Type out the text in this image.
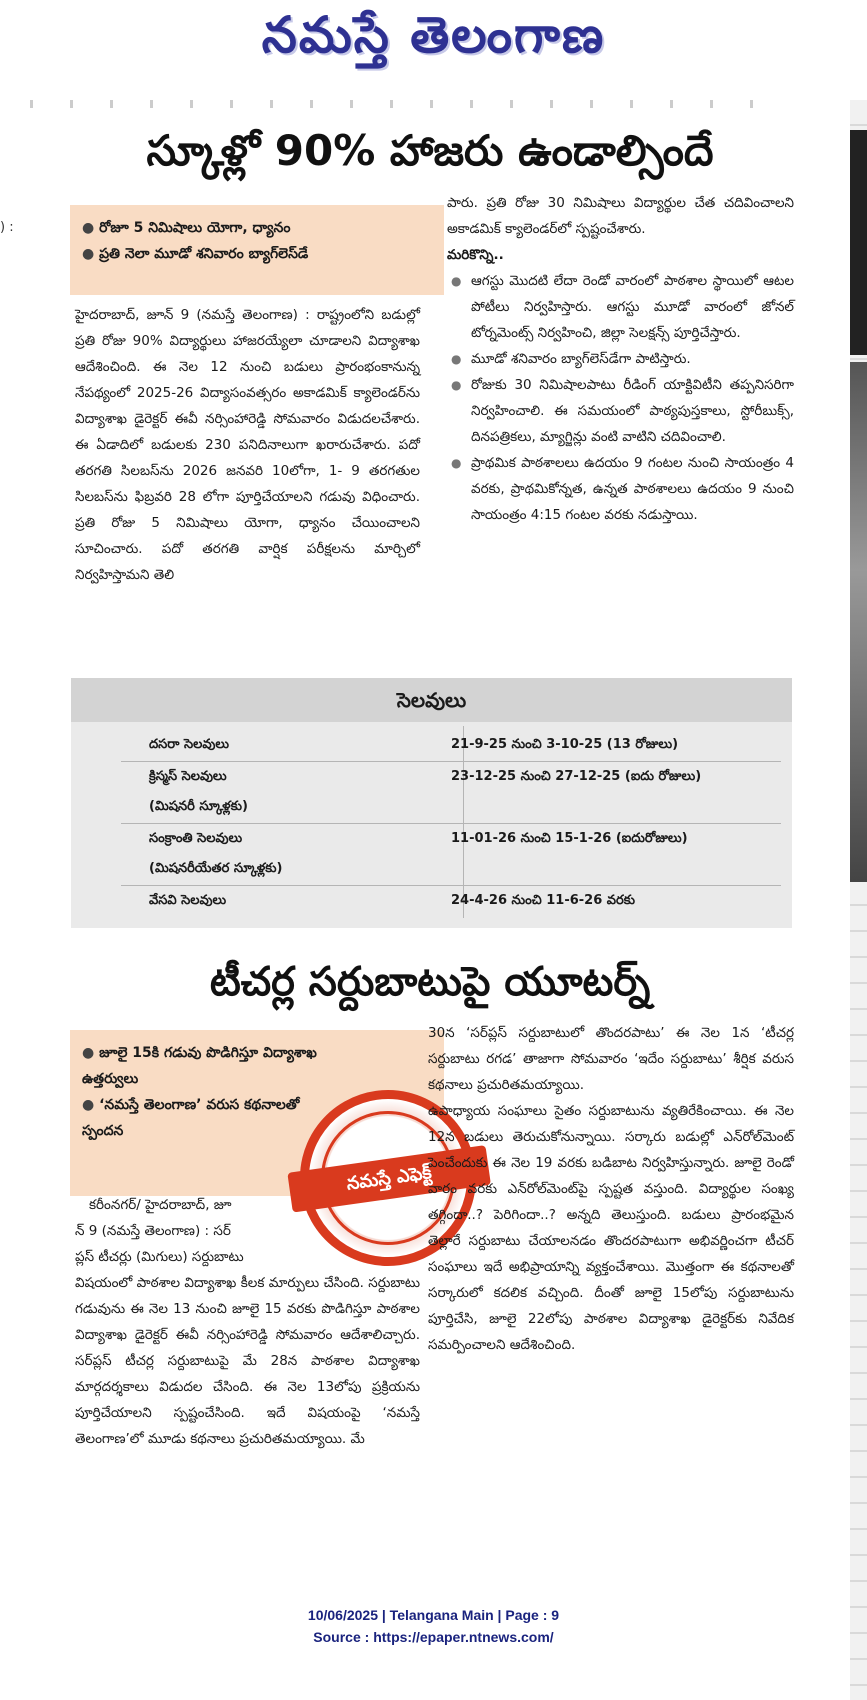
నమస్తే తెలంగాణ
) :
స్కూళ్లో 90% హాజరు ఉండాల్సిందే
● రోజూ 5 నిమిషాలు యోగా, ధ్యానం
● ప్రతి నెలా మూడో శనివారం బ్యాగ్‌లెస్‌డే

హైదరాబాద్, జూన్ 9 (నమస్తే తెలంగాణ) : రాష్ట్రంలోని బడుల్లో ప్రతి రోజు 90% విద్యార్థులు హాజరయ్యేలా చూడాలని విద్యాశాఖ ఆదేశించింది. ఈ నెల 12 నుంచి బడులు ప్రారంభంకానున్న నేపథ్యంలో 2025-26 విద్యాసంవత్సరం అకాడమిక్ క్యాలెండర్‌ను విద్యాశాఖ డైరెక్టర్ ఈవీ నర్సింహారెడ్డి సోమవారం విడుదలచేశారు. ఈ ఏడాదిలో బడులకు 230 పనిదినాలుగా ఖరారుచేశారు. పదో తరగతి సిలబస్‌ను 2026 జనవరి 10లోగా, 1- 9 తరగతుల సిలబస్‌ను ఫిబ్రవరి 28 లోగా పూర్తిచేయాలని గడువు విధించారు. ప్రతి రోజు 5 నిమిషాలు యోగా, ధ్యానం చేయించాలని సూచించారు. పదో తరగతి వార్షిక పరీక్షలను మార్చిలో నిర్వహిస్తామని తెలి

పారు. ప్రతి రోజు 30 నిమిషాలు విద్యార్థుల చేత చదివించాలని అకాడమిక్ క్యాలెండర్‌లో స్పష్టంచేశారు.

మరికొన్ని..

● ఆగస్టు మొదటి లేదా రెండో వారంలో పాఠశాల స్థాయిలో ఆటల పోటీలు నిర్వహిస్తారు. ఆగస్టు మూడో వారంలో జోనల్ టోర్నమెంట్స్ నిర్వహించి, జిల్లా సెలక్షన్స్ పూర్తిచేస్తారు.

● మూడో శనివారం బ్యాగ్‌లెస్‌డేగా పాటిస్తారు.

● రోజుకు 30 నిమిషాలపాటు రీడింగ్ యాక్టివిటీని తప్పనిసరిగా నిర్వహించాలి. ఈ సమయంలో పాఠ్యపుస్తకాలు, స్టోరీబుక్స్, దినపత్రికలు, మ్యాగ్జిన్లు వంటి వాటిని చదివించాలి.

● ప్రాథమిక పాఠశాలలు ఉదయం 9 గంటల నుంచి సాయంత్రం 4 వరకు, ప్రాథమికోన్నత, ఉన్నత పాఠశాలలు ఉదయం 9 నుంచి సాయంత్రం 4:15 గంటల వరకు నడుస్తాయి.

సెలవులు
దసరా సెలవులు	21-9-25 నుంచి 3-10-25 (13 రోజులు)
క్రిస్మస్ సెలవులు	23-12-25 నుంచి 27-12-25 (ఐదు రోజులు)
(మిషనరీ స్కూళ్లకు)
సంక్రాంతి సెలవులు	11-01-26 నుంచి 15-1-26 (ఐదురోజులు)
(మిషనరీయేతర స్కూళ్లకు)
వేసవి సెలవులు	24-4-26 నుంచి 11-6-26 వరకు
టీచర్ల సర్దుబాటుపై యూటర్న్
● జూలై 15కి గడువు పొడిగిస్తూ విద్యాశాఖ ఉత్తర్వులు
● ‘నమస్తే తెలంగాణ’ వరుస కథనాలతో స్పందన
నమస్తే ఎఫెక్ట్
కరీంనగర్/ హైదరాబాద్, జూ
న్ 9 (నమస్తే తెలంగాణ) : సర్
ప్లస్ టీచర్లు (మిగులు) సర్దుబాటు

విషయంలో పాఠశాల విద్యాశాఖ కీలక మార్పులు చేసింది. సర్దుబాటు గడువును ఈ నెల 13 నుంచి జూలై 15 వరకు పొడిగిస్తూ పాఠశాల విద్యాశాఖ డైరెక్టర్ ఈవీ నర్సింహారెడ్డి సోమవారం ఆదేశాలిచ్చారు. సర్‌ప్లస్ టీచర్ల సర్దుబాటుపై మే 28న పాఠశాల విద్యాశాఖ మార్గదర్శకాలు విడుదల చేసింది. ఈ నెల 13లోపు ప్రక్రియను పూర్తిచేయాలని స్పష్టంచేసింది. ఇదే విషయంపై ‘నమస్తే తెలంగాణ’లో మూడు కథనాలు ప్రచురితమయ్యాయి. మే

30న ‘సర్‌ప్లస్ సర్దుబాటులో తొందరపాటు’ ఈ నెల 1న ‘టీచర్ల సర్దుబాటు రగడ’ తాజాగా సోమవారం ‘ఇదేం సర్దుబాటు’ శీర్షిక వరుస కథనాలు ప్రచురితమయ్యాయి.

ఉపాధ్యాయ సంఘాలు సైతం సర్దుబాటును వ్యతిరేకించాయి. ఈ నెల 12న బడులు తెరుచుకోనున్నాయి. సర్కారు బడుల్లో ఎన్‌రోల్‌మెంట్ పెంచేందుకు ఈ నెల 19 వరకు బడిబాట నిర్వహిస్తున్నారు. జూలై రెండో వారం వరకు ఎన్‌రోల్‌మెంట్‌పై స్పష్టత వస్తుంది. విద్యార్థుల సంఖ్య తగ్గిందా..? పెరిగిందా..? అన్నది తెలుస్తుంది. బడులు ప్రారంభమైన తెల్లారే సర్దుబాటు చేయాలనడం తొందరపాటుగా అభివర్ణించగా టీచర్ సంఘాలు ఇదే అభిప్రాయాన్ని వ్యక్తంచేశాయి. మొత్తంగా ఈ కథనాలతో సర్కారులో కదలిక వచ్చింది. దీంతో జూలై 15లోపు సర్దుబాటును పూర్తిచేసి, జూలై 22లోపు పాఠశాల విద్యాశాఖ డైరెక్టర్‌కు నివేదిక సమర్పించాలని ఆదేశించింది.

10/06/2025 | Telangana Main | Page : 9
Source : https://epaper.ntnews.com/
